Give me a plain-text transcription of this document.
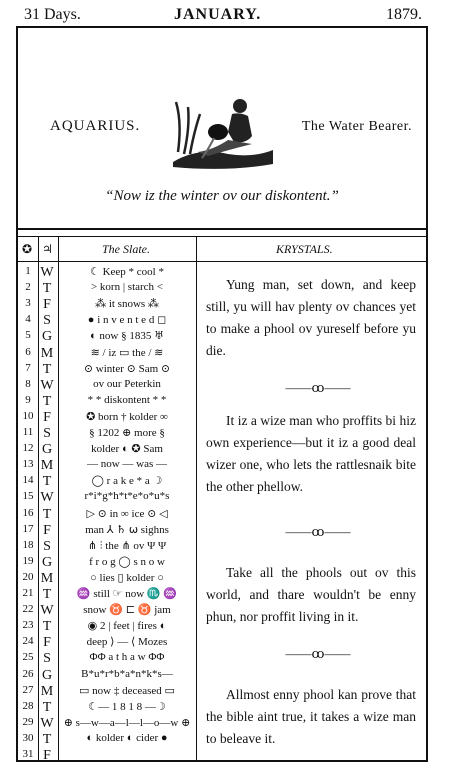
31 Days.	JANUARY.	1879.
AQUARIUS.	The Water Bearer.
“Now iz the winter ov our diskontent.”
✪ ♃	The Slate.	KRYSTALS.
1 W	☾ Keep * cool *
2 T	> korn | starch <
3 F	⁂ it snows ⁂
4 S	● i n v e n t e d ◻
5 G	◐ now § 1835 ♅
6 M	≋ / iz ▭ the / ≋
7 T	⊙ winter ⊙ Sam ⊙
8 W	ov our Peterkin
9 T	* * diskontent * *
10 F	✪ born † kolder ∞
11 S	§ 1202 ⊕ more §
12 G	kolder ◐ ✪ Sam
13 M	— now — was —
14 T	◯ r a k e * a ☽
15 W	r*i*g*h*t*e*o*u*s
16 T	▷ ⊙ in ∞ ice ⊙ ◁
17 F	man ⅄ ♄ ⍵ sighns
18 S	⋔ ⫶ the ⋔ ov Ψ Ψ
19 G	f r o g ◯ s n o w
20 M	○ lies ▯ kolder ○
21 T	♒ still ☞ now ♏ ♒
22 W	snow ♉ ⊏ ♉ jam
23 T	◉ 2 | feet | fires ◐
24 F	deep ⟩ — ⟨ Mozes
25 S	ΦΦ a t h a w ΦΦ
26 G	B*u*r*b*a*n*k*s—
27 M	▭ now ‡ deceased ▭
28 T	☾— 1 8 1 8 —☽
29 W ⊕ s—w—a—l—l—o—w ⊕
30 T	◐ kolder ◐ cider ●
31 F

Yung man, set down, and keep still, yu will hav plenty ov chances yet to make a phool ov yureself before yu die.

——ꝏ——

It iz a wize man who proffits bi hiz own experience—but it iz a good deal wizer one, who lets the rattlesnaik bite the other phellow.

——ꝏ——

Take all the phools out ov this world, and thare wouldn't be enny phun, nor proffit living in it.

——ꝏ——

Allmost enny phool kan prove that the bible aint true, it takes a wize man to beleave it.
